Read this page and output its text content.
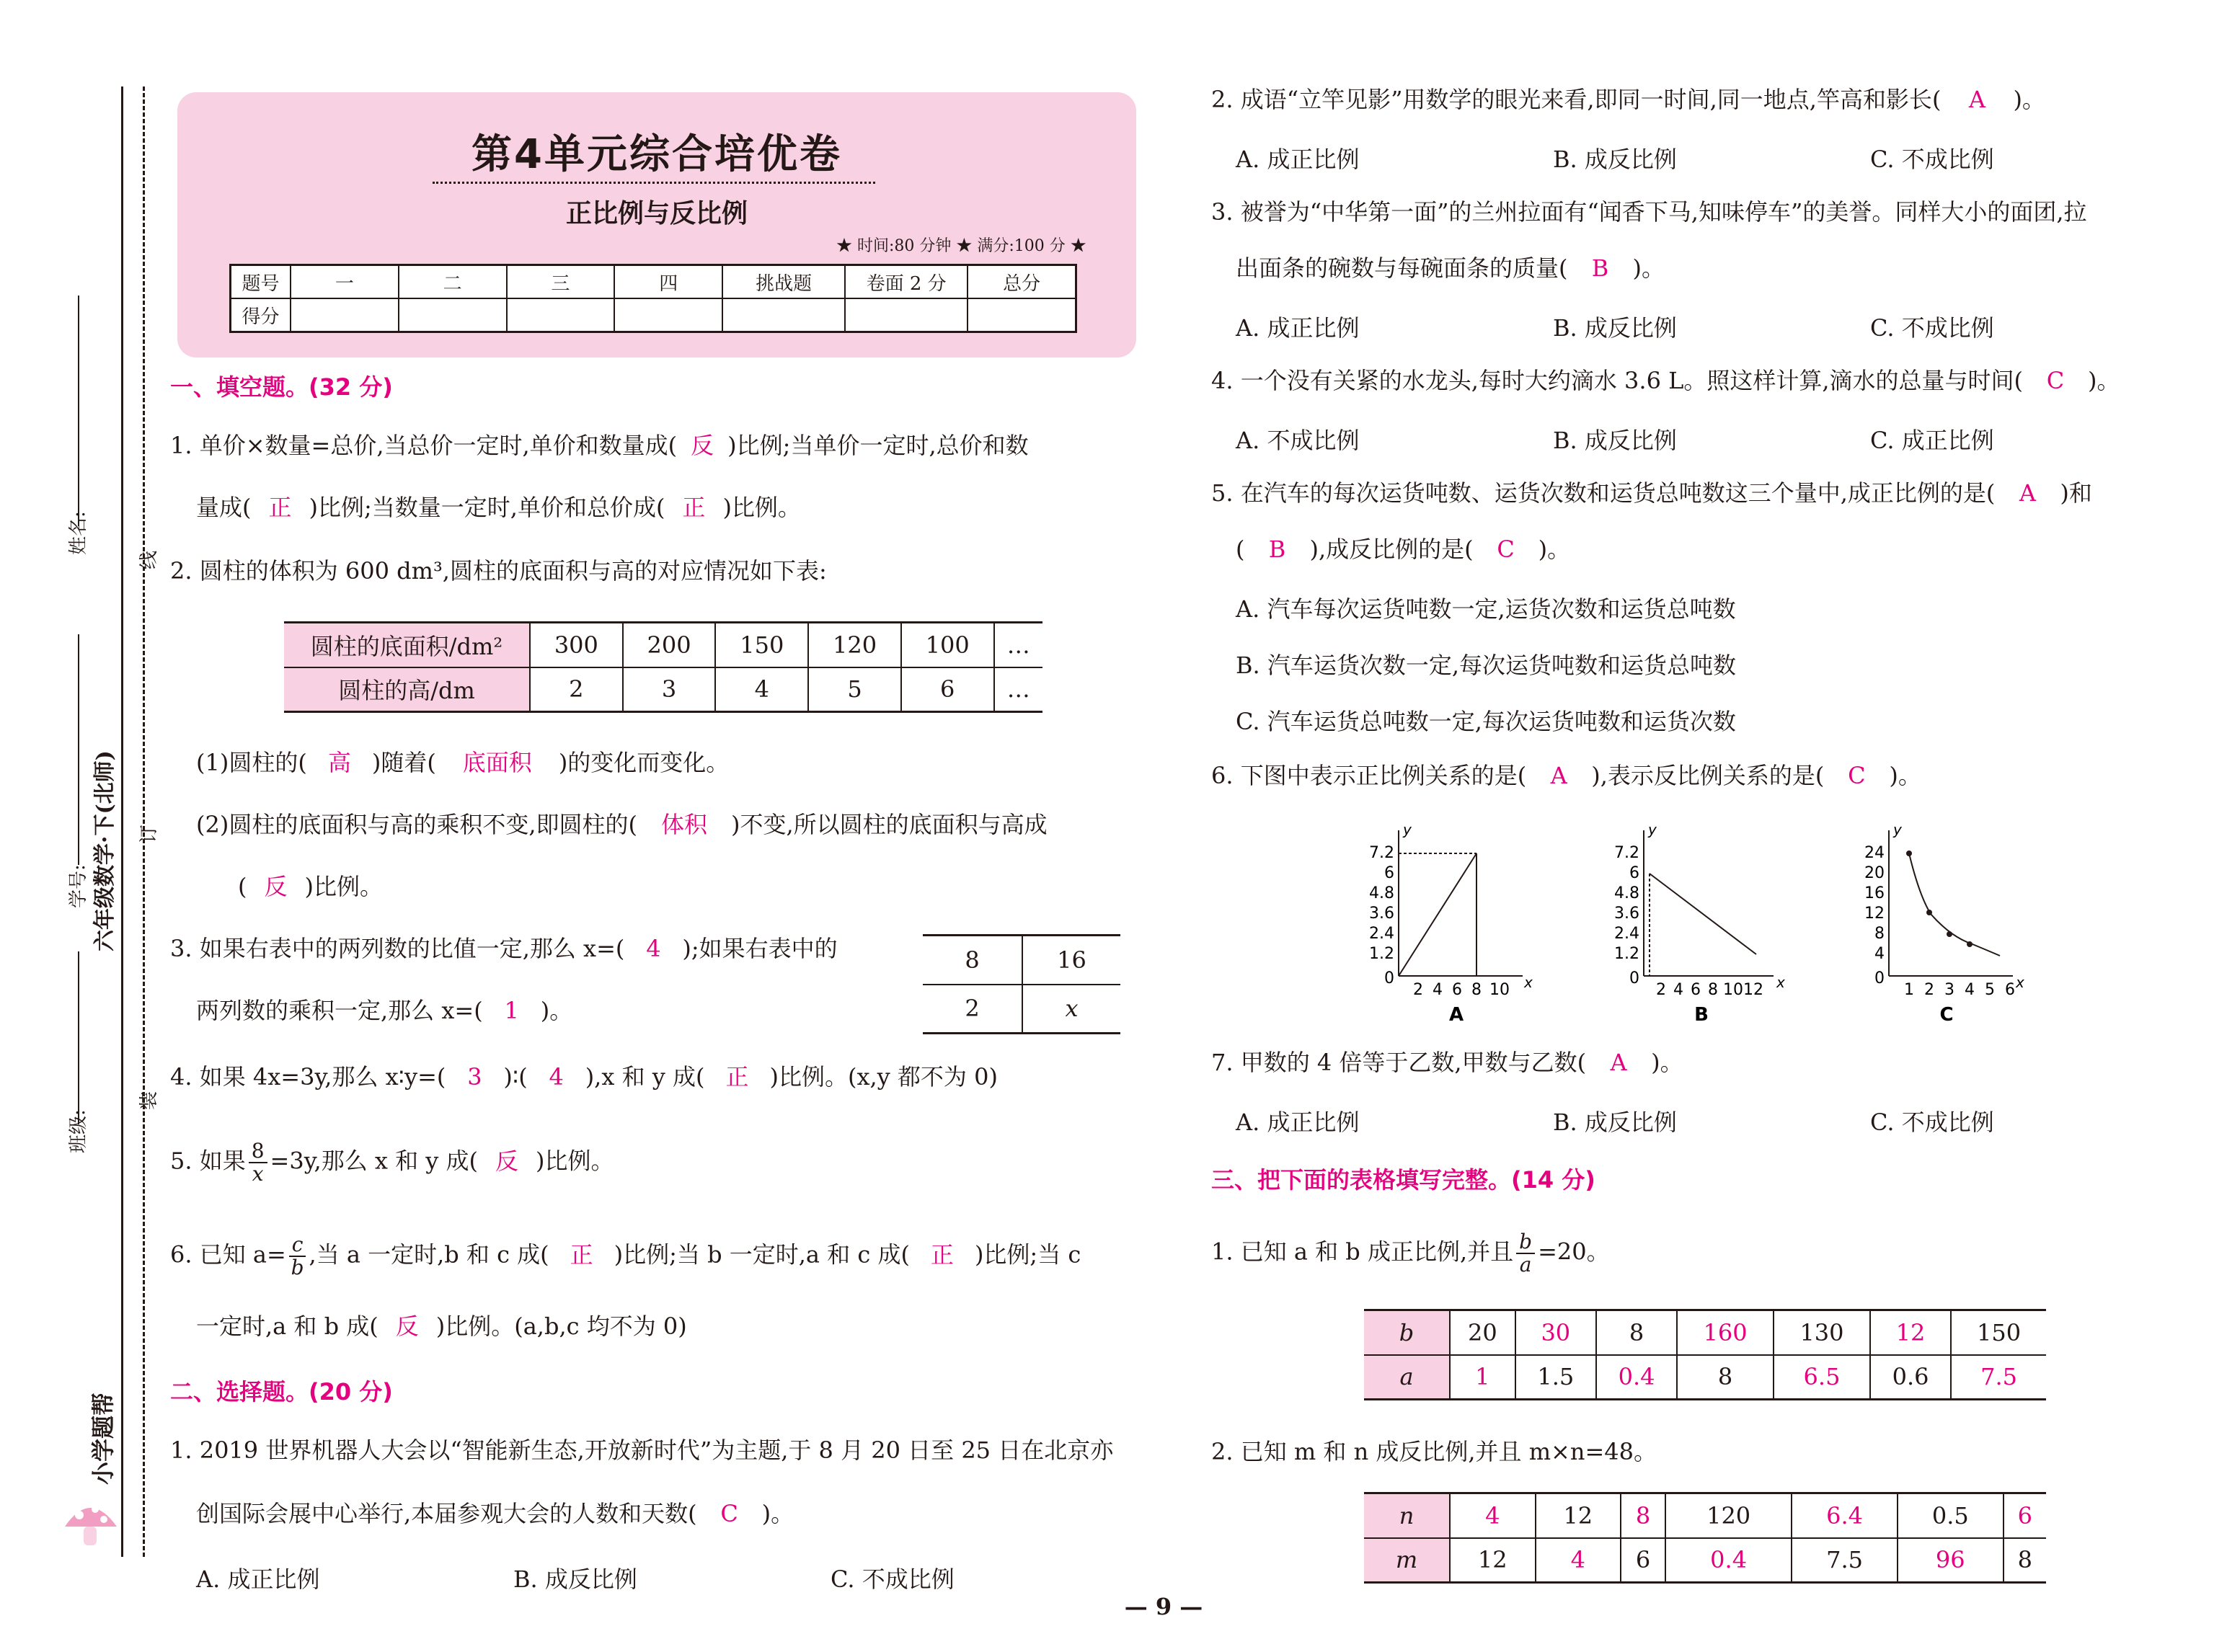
线
订
装
姓名:
学号:
班级:
六年级数学·下(北师)
小学题帮
第4单元综合培优卷
正比例与反比例
★ 时间:80 分钟 ★ 满分:100 分 ★
题号	一	二	三	四	挑战题	卷面 2 分	总分
得分							
一、填空题。(32 分)
1. 单价×数量=总价,当总价一定时,单价和数量成( 反 )比例;当单价一定时,总价和数
量成( 正 )比例;当数量一定时,单价和总价成( 正 )比例。
2. 圆柱的体积为 600 dm³,圆柱的底面积与高的对应情况如下表:
圆柱的底面积/dm²	300	200	150	120	100	…
圆柱的高/dm	2	3	4	5	6	…
(1)圆柱的( 高 )随着( 底面积 )的变化而变化。
(2)圆柱的底面积与高的乘积不变,即圆柱的( 体积 )不变,所以圆柱的底面积与高成
( 反 )比例。
3. 如果右表中的两列数的比值一定,那么 x=( 4 );如果右表中的
两列数的乘积一定,那么 x=( 1 )。
8	16
2	x
4. 如果 4x=3y,那么 x∶y=( 3 )∶( 4 ),x 和 y 成( 正 )比例。(x,y 都不为 0)
5. 如果 $\frac{8}{x} =3y$,那么 x 和 y 成( 反 )比例。
6. 已知 $a= \frac{c}{b}$ ,当 a 一定时,b 和 c 成( 正 )比例;当 b 一定时,a 和 c 成( 正 )比例;当 c
一定时,a 和 b 成( 反 )比例。(a,b,c 均不为 0)
二、选择题。(20 分)
1. 2019 世界机器人大会以“智能新生态,开放新时代”为主题,于 8 月 20 日至 25 日在北京亦
创国际会展中心举行,本届参观大会的人数和天数( C )。
A. 成正比例	B. 成反比例	C. 不成比例
2. 成语“立竿见影”用数学的眼光来看,即同一时间,同一地点,竿高和影长( A )。
A. 成正比例	B. 成反比例	C. 不成比例
3. 被誉为“中华第一面”的兰州拉面有“闻香下马,知味停车”的美誉。同样大小的面团,拉
出面条的碗数与每碗面条的质量( B )。
A. 成正比例	B. 成反比例	C. 不成比例
4. 一个没有关紧的水龙头,每时大约滴水 3.6 L。照这样计算,滴水的总量与时间( C )。
A. 不成比例	B. 成反比例	C. 成正比例
5. 在汽车的每次运货吨数、运货次数和运货总吨数这三个量中,成正比例的是( A )和
( B ),成反比例的是( C )。
A. 汽车每次运货吨数一定,运货次数和运货总吨数
B. 汽车运货次数一定,每次运货吨数和运货总吨数
C. 汽车运货总吨数一定,每次运货吨数和运货次数
6. 下图中表示正比例关系的是( A ),表示反比例关系的是( C )。
y
x
7.2
6
4.8
3.6
2.4
1.2
0
2 4 6 8 10
A
y
x
7.2
6
4.8
3.6
2.4
1.2
0
2 4 6 8 10 12
B
y
x
24
20
16
12
8
4
0
1 2 3 4 5 6
C
7. 甲数的 4 倍等于乙数,甲数与乙数( A )。
A. 成正比例	B. 成反比例	C. 不成比例
三、把下面的表格填写完整。(14 分)
1. 已知 a 和 b 成正比例,并且 $\frac{b}{a} =20$。
b	20	30	8	160	130	12	150
a	1	1.5	0.4	8	6.5	0.6	7.5
2. 已知 m 和 n 成反比例,并且 m×n=48。
n	4	12	8	120	6.4	0.5	6
m	12	4	6	0.4	7.5	96	8
— 9 —
